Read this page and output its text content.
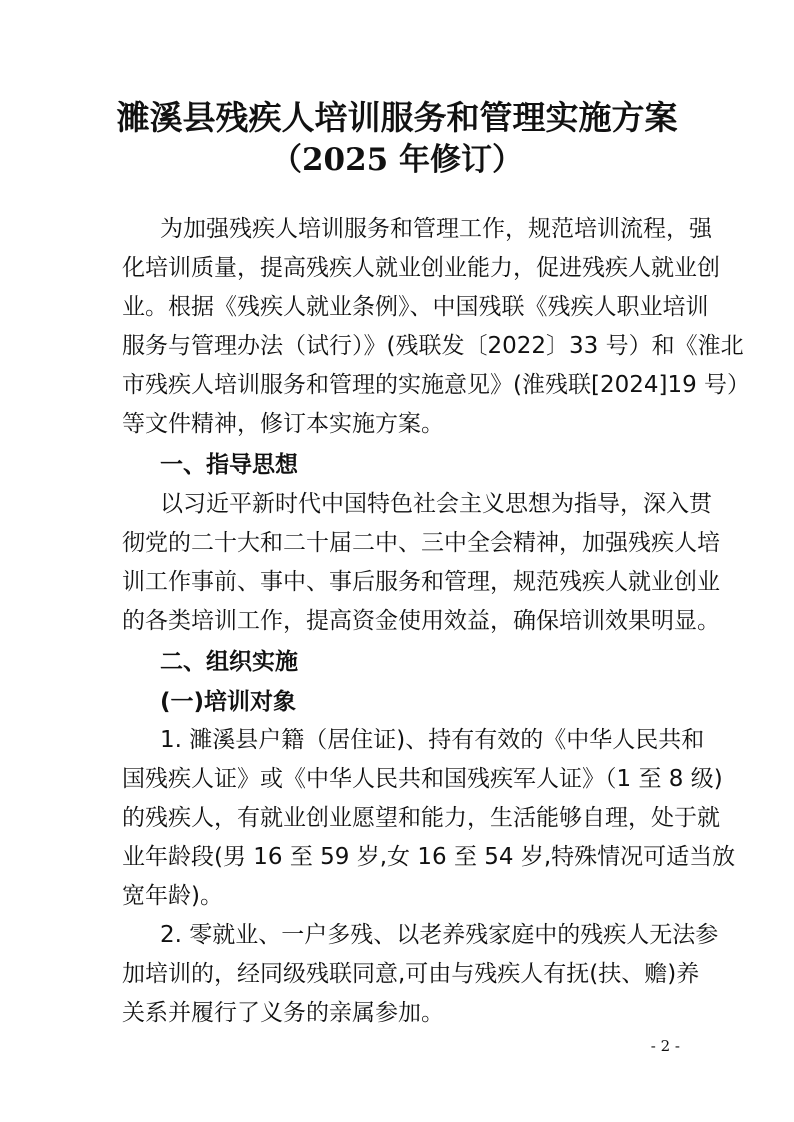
濉溪县残疾人培训服务和管理实施方案
（2025 年修订）
为加强残疾人培训服务和管理工作，规范培训流程，强
化培训质量，提高残疾人就业创业能力，促进残疾人就业创
业。根据《残疾人就业条例》、中国残联《残疾人职业培训
服务与管理办法（试行）》(残联发〔2022〕33 号）和《淮北
市残疾人培训服务和管理的实施意见》(淮残联[2024]19 号）
等文件精神，修订本实施方案。
一、指导思想
以习近平新时代中国特色社会主义思想为指导，深入贯
彻党的二十大和二十届二中、三中全会精神，加强残疾人培
训工作事前、事中、事后服务和管理，规范残疾人就业创业
的各类培训工作，提高资金使用效益，确保培训效果明显。
二、组织实施
(一)培训对象
1. 濉溪县户籍（居住证)、持有有效的《中华人民共和
国残疾人证》或《中华人民共和国残疾军人证》（1 至 8 级)
的残疾人，有就业创业愿望和能力，生活能够自理，处于就
业年龄段(男 16 至 59 岁,女 16 至 54 岁,特殊情况可适当放
宽年龄)。
2. 零就业、一户多残、以老养残家庭中的残疾人无法参
加培训的，经同级残联同意,可由与残疾人有抚(扶、赡)养
关系并履行了义务的亲属参加。
- 2 -
